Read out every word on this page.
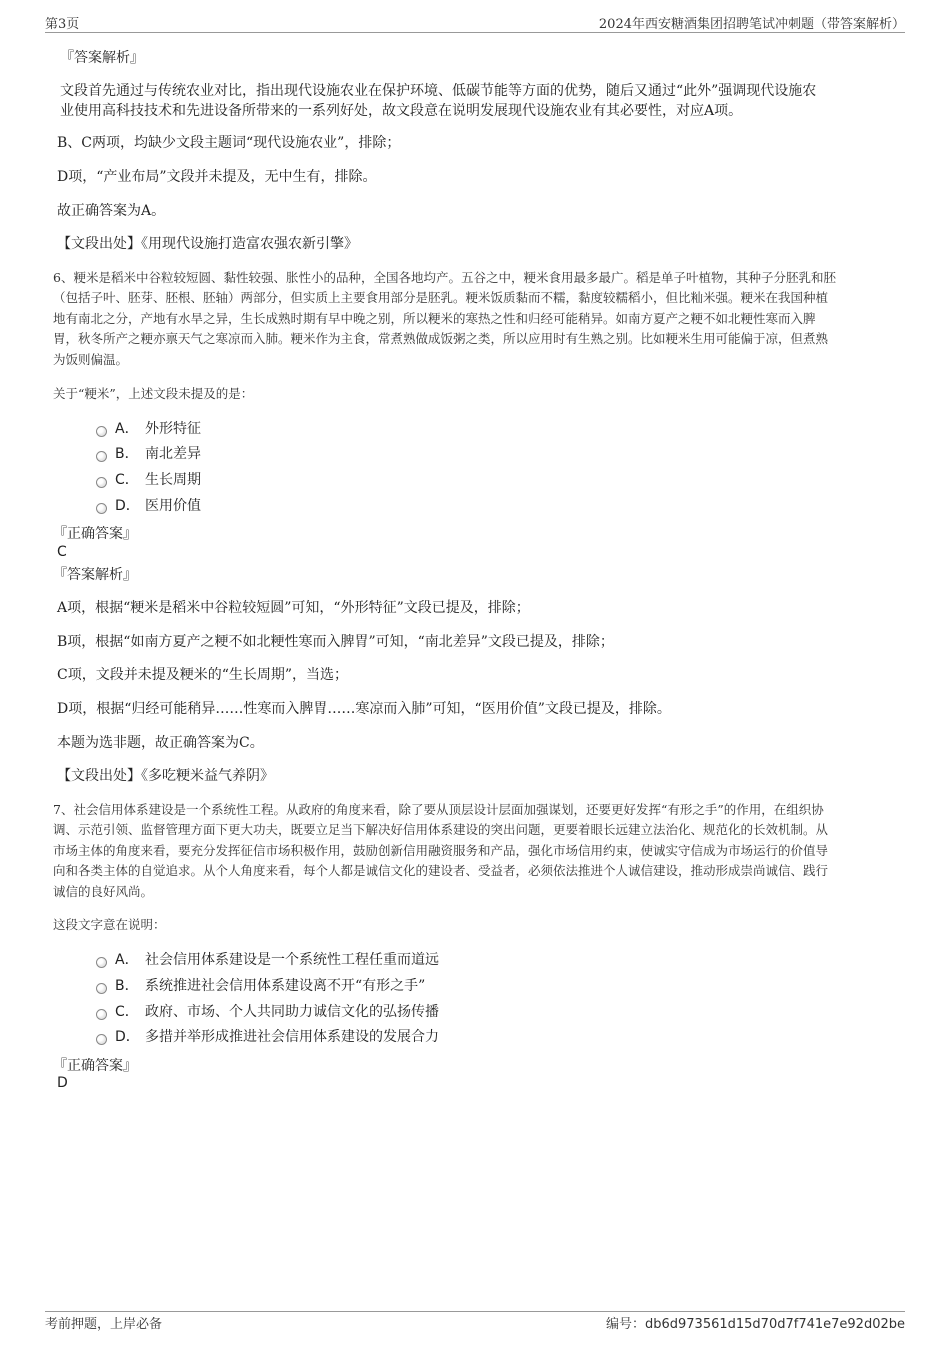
第3页	2024年西安糖酒集团招聘笔试冲刺题（带答案解析）
『答案解析』
文段首先通过与传统农业对比，指出现代设施农业在保护环境、低碳节能等方面的优势，随后又通过“此外”强调现代设施农
业使用高科技技术和先进设备所带来的一系列好处，故文段意在说明发展现代设施农业有其必要性，对应A项。
B、C两项，均缺少文段主题词“现代设施农业”，排除；
D项，“产业布局”文段并未提及，无中生有，排除。
故正确答案为A。
【文段出处】《用现代设施打造富农强农新引擎》
6、粳米是稻米中谷粒较短圆、黏性较强、胀性小的品种，全国各地均产。五谷之中，粳米食用最多最广。稻是单子叶植物，其种子分胚乳和胚
（包括子叶、胚芽、胚根、胚轴）两部分，但实质上主要食用部分是胚乳。粳米饭质黏而不糯，黏度较糯稻小，但比籼米强。粳米在我国种植
地有南北之分，产地有水旱之异，生长成熟时期有早中晚之别，所以粳米的寒热之性和归经可能稍异。如南方夏产之粳不如北粳性寒而入脾
胃，秋冬所产之粳亦禀天气之寒凉而入肺。粳米作为主食，常煮熟做成饭粥之类，所以应用时有生熟之别。比如粳米生用可能偏于凉，但煮熟
为饭则偏温。
关于“粳米”，上述文段未提及的是：
A． 外形特征
B． 南北差异
C． 生长周期
D． 医用价值
『正确答案』
C
『答案解析』
A项，根据“粳米是稻米中谷粒较短圆”可知，“外形特征”文段已提及，排除；
B项，根据“如南方夏产之粳不如北粳性寒而入脾胃”可知，“南北差异”文段已提及，排除；
C项，文段并未提及粳米的“生长周期”，当选；
D项，根据“归经可能稍异……性寒而入脾胃……寒凉而入肺”可知，“医用价值”文段已提及，排除。
本题为选非题，故正确答案为C。
【文段出处】《多吃粳米益气养阴》
7、社会信用体系建设是一个系统性工程。从政府的角度来看，除了要从顶层设计层面加强谋划，还要更好发挥“有形之手”的作用，在组织协
调、示范引领、监督管理方面下更大功夫，既要立足当下解决好信用体系建设的突出问题，更要着眼长远建立法治化、规范化的长效机制。从
市场主体的角度来看，要充分发挥征信市场积极作用，鼓励创新信用融资服务和产品，强化市场信用约束，使诚实守信成为市场运行的价值导
向和各类主体的自觉追求。从个人角度来看，每个人都是诚信文化的建设者、受益者，必须依法推进个人诚信建设，推动形成崇尚诚信、践行
诚信的良好风尚。
这段文字意在说明：
A． 社会信用体系建设是一个系统性工程任重而道远
B． 系统推进社会信用体系建设离不开“有形之手”
C． 政府、市场、个人共同助力诚信文化的弘扬传播
D． 多措并举形成推进社会信用体系建设的发展合力
『正确答案』
D
考前押题，上岸必备	编号：db6d973561d15d70d7f741e7e92d02be
